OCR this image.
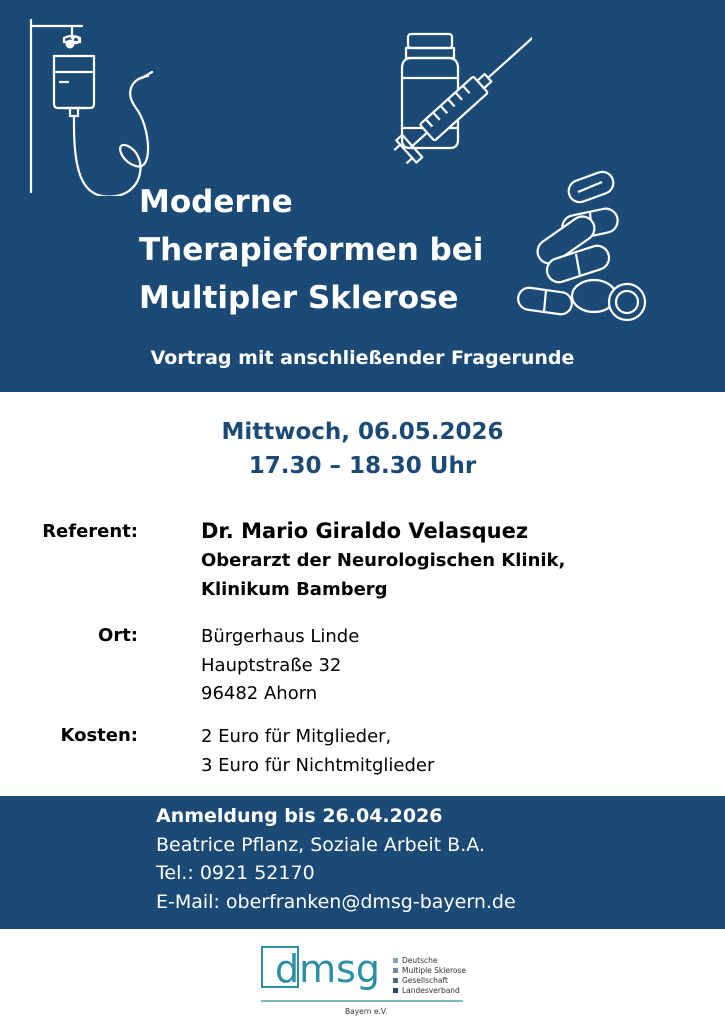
Moderne
Therapieformen bei
Multipler Sklerose
Vortrag mit anschließender Fragerunde
Mittwoch, 06.05.2026
17.30 – 18.30 Uhr
Referent:	Dr. Mario Giraldo Velasquez
Oberarzt der Neurologischen Klinik,
Klinikum Bamberg
Ort:	Bürgerhaus Linde
Hauptstraße 32
96482 Ahorn
Kosten:	2 Euro für Mitglieder,
3 Euro für Nichtmitglieder
Anmeldung bis 26.04.2026
Beatrice Pflanz, Soziale Arbeit B.A.
Tel.: 0921 52170
E-Mail: oberfranken@dmsg-bayern.de
dmsg	Deutsche
Multiple Sklerose
Gesellschaft
Landesverband
Bayern e.V.
